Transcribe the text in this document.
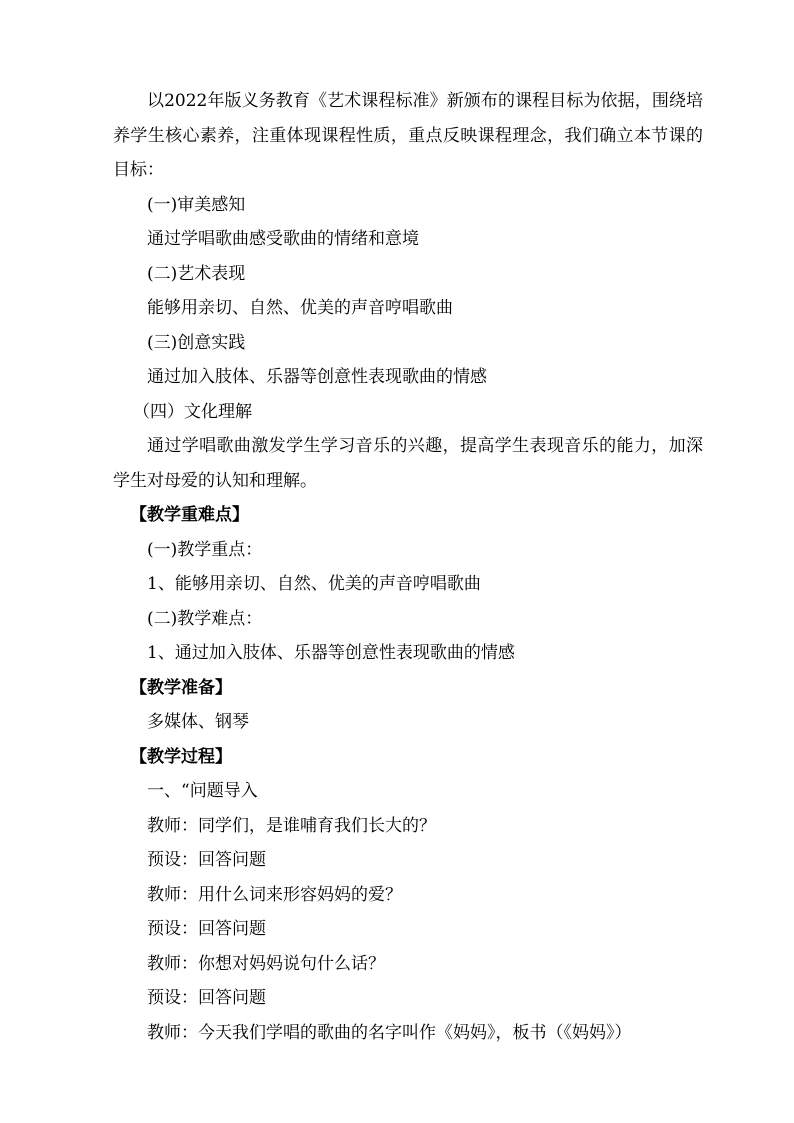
以2022年版义务教育《艺术课程标准》新颁布的课程目标为依据，围绕培养学生核心素养，注重体现课程性质，重点反映课程理念，我们确立本节课的目标：

(一)审美感知

通过学唱歌曲感受歌曲的情绪和意境

(二)艺术表现

能够用亲切、自然、优美的声音哼唱歌曲

(三)创意实践

通过加入肢体、乐器等创意性表现歌曲的情感

（四）文化理解

通过学唱歌曲激发学生学习音乐的兴趣，提高学生表现音乐的能力，加深学生对母爱的认知和理解。

【教学重难点】

(一)教学重点：

1、能够用亲切、自然、优美的声音哼唱歌曲

(二)教学难点：

1、通过加入肢体、乐器等创意性表现歌曲的情感

【教学准备】

多媒体、钢琴

【教学过程】

一、“问题导入

教师：同学们，是谁哺育我们长大的？

预设：回答问题

教师：用什么词来形容妈妈的爱？

预设：回答问题

教师：你想对妈妈说句什么话？

预设：回答问题

教师：今天我们学唱的歌曲的名字叫作《妈妈》，板书（《妈妈》）
